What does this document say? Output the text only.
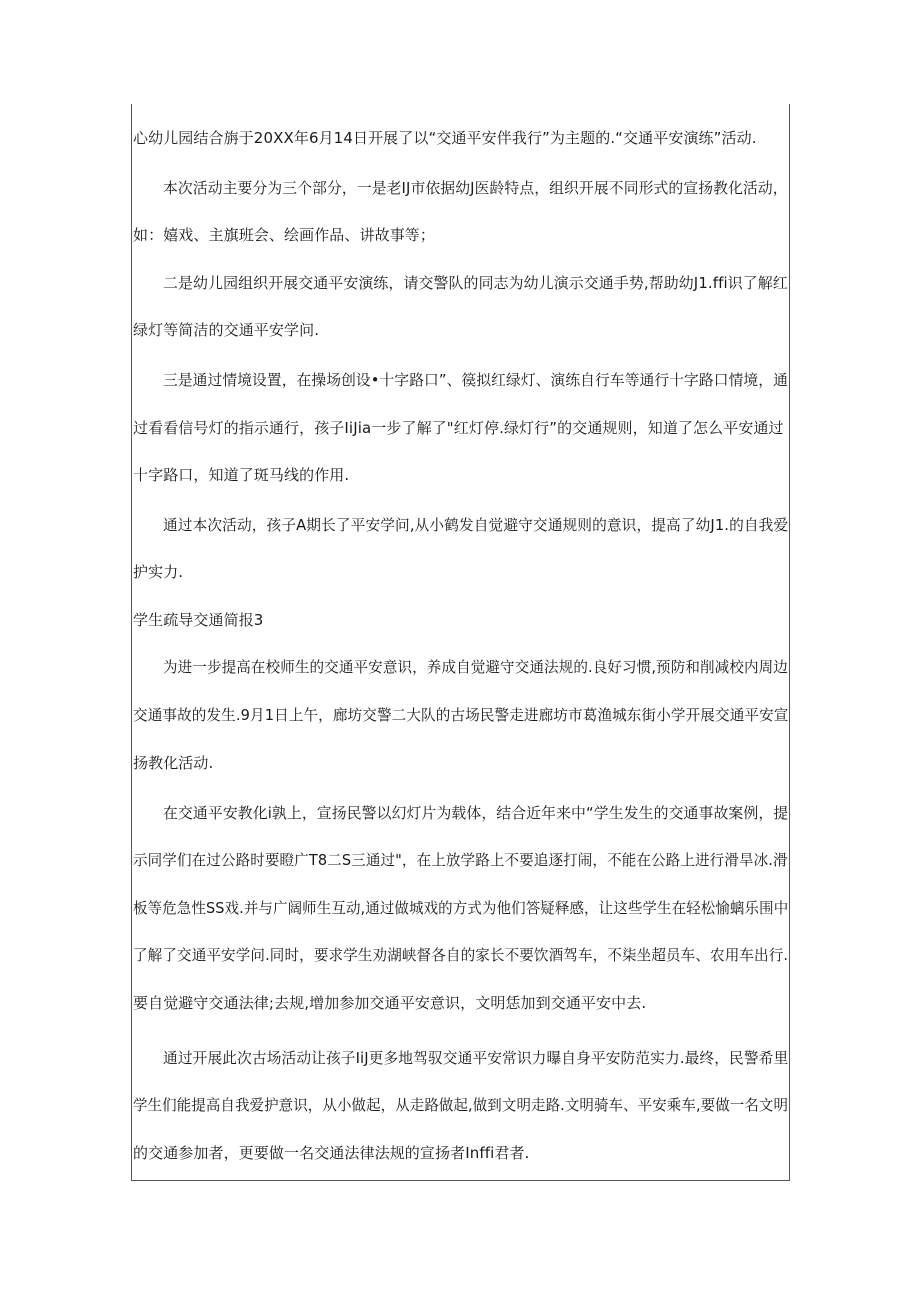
心幼儿园结合旃于20XX年6月14日开展了以“交通平安伴我行”为主题的.“交通平安演练”活动.
本次活动主要分为三个部分，一是老IJ市依据幼J医龄特点，组织开展不同形式的宣扬教化活动，
如：嬉戏、主旗班会、绘画作品、讲故事等；
二是幼儿园组织开展交通平安演练，请交警队的同志为幼儿演示交通手势,帮助幼J1.ffi识了解红
绿灯等简洁的交通平安学问.
三是通过情境设置，在操场创设•十字路口”、篌拟红绿灯、演练自行车等通行十字路口情境，通
过看看信号灯的指示通行，孩子IiJia一步了解了"红灯停.绿灯行”的交通规则，知道了怎么平安通过
十字路口，知道了斑马线的作用.
通过本次活动，孩子A期长了平安学问,从小鹤发自觉避守交通规则的意识，提高了幼J1.的自我爱
护实力.
学生疏导交通简报3
为进一步提高在校师生的交通平安意识，养成自觉避守交通法规的.良好习惯,预防和削减校内周边
交通事故的发生.9月1日上午，廊坊交警二大队的古场民警走进廊坊市葛渔城东街小学开展交通平安宣
扬教化活动.
在交通平安教化i孰上，宣扬民警以幻灯片为载体，结合近年来中“学生发生的交通事故案例，提
示同学们在过公路时要瞪广T8二S三通过"，在上放学路上不要追逐打闹，不能在公路上进行滑旱冰.滑
板等危急性SS戏.并与广阔师生互动,通过做城戏的方式为他们答疑释感，让这些学生在轻松愉螭乐围中
了解了交通平安学问.同时，要求学生劝湖峡督各自的家长不要饮酒驾车，不柒坐超员车、农用车出行.
要自觉避守交通法律;去规,增加参加交通平安意识，文明恁加到交通平安中去.
通过开展此次古场活动让孩子IiJ更多地驾驭交通平安常识力曝自身平安防范实力.最终，民警希里
学生们能提高自我爱护意识，从小做起，从走路做起,做到文明走路.文明骑车、平安乘车,要做一名文明
的交通参加者，更要做一名交通法律法规的宣扬者Inffi君者.
